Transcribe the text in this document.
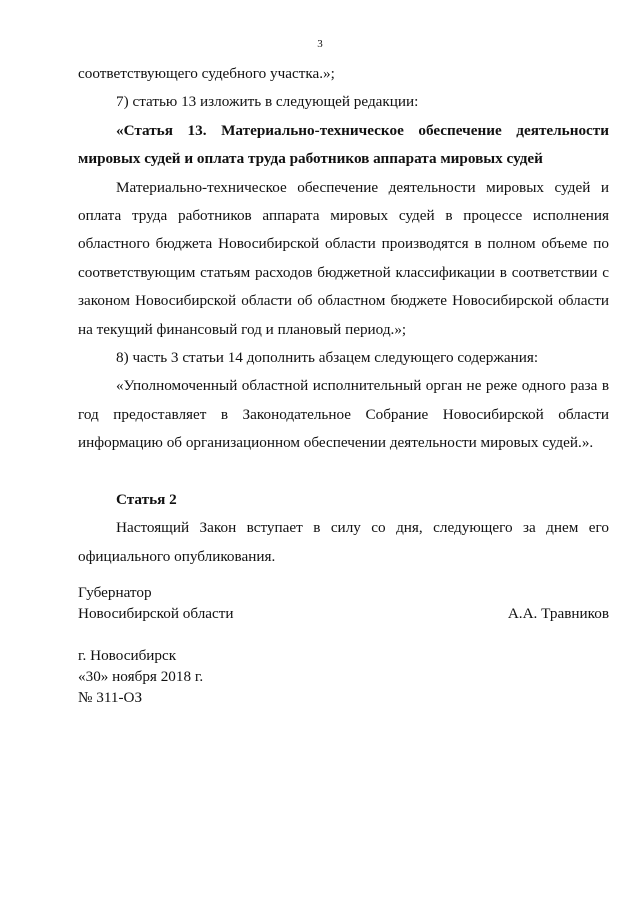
3

соответствующего судебного участка.»;

7) статью 13 изложить в следующей редакции:

«Статья 13. Материально-техническое обеспечение деятельности мировых судей и оплата труда работников аппарата мировых судей

Материально-техническое обеспечение деятельности мировых судей и оплата труда работников аппарата мировых судей в процессе исполнения областного бюджета Новосибирской области производятся в полном объеме по соответствующим статьям расходов бюджетной классификации в соответствии с законом Новосибирской области об областном бюджете Новосибирской области на текущий финансовый год и плановый период.»;

8) часть 3 статьи 14 дополнить абзацем следующего содержания:

«Уполномоченный областной исполнительный орган не реже одного раза в год предоставляет в Законодательное Собрание Новосибирской области информацию об организационном обеспечении деятельности мировых судей.».

Статья 2

Настоящий Закон вступает в силу со дня, следующего за днем его официального опубликования.

Губернатор
Новосибирской области	А.А. Травников
г. Новосибирск
«30» ноября 2018 г.
№ 311-ОЗ
